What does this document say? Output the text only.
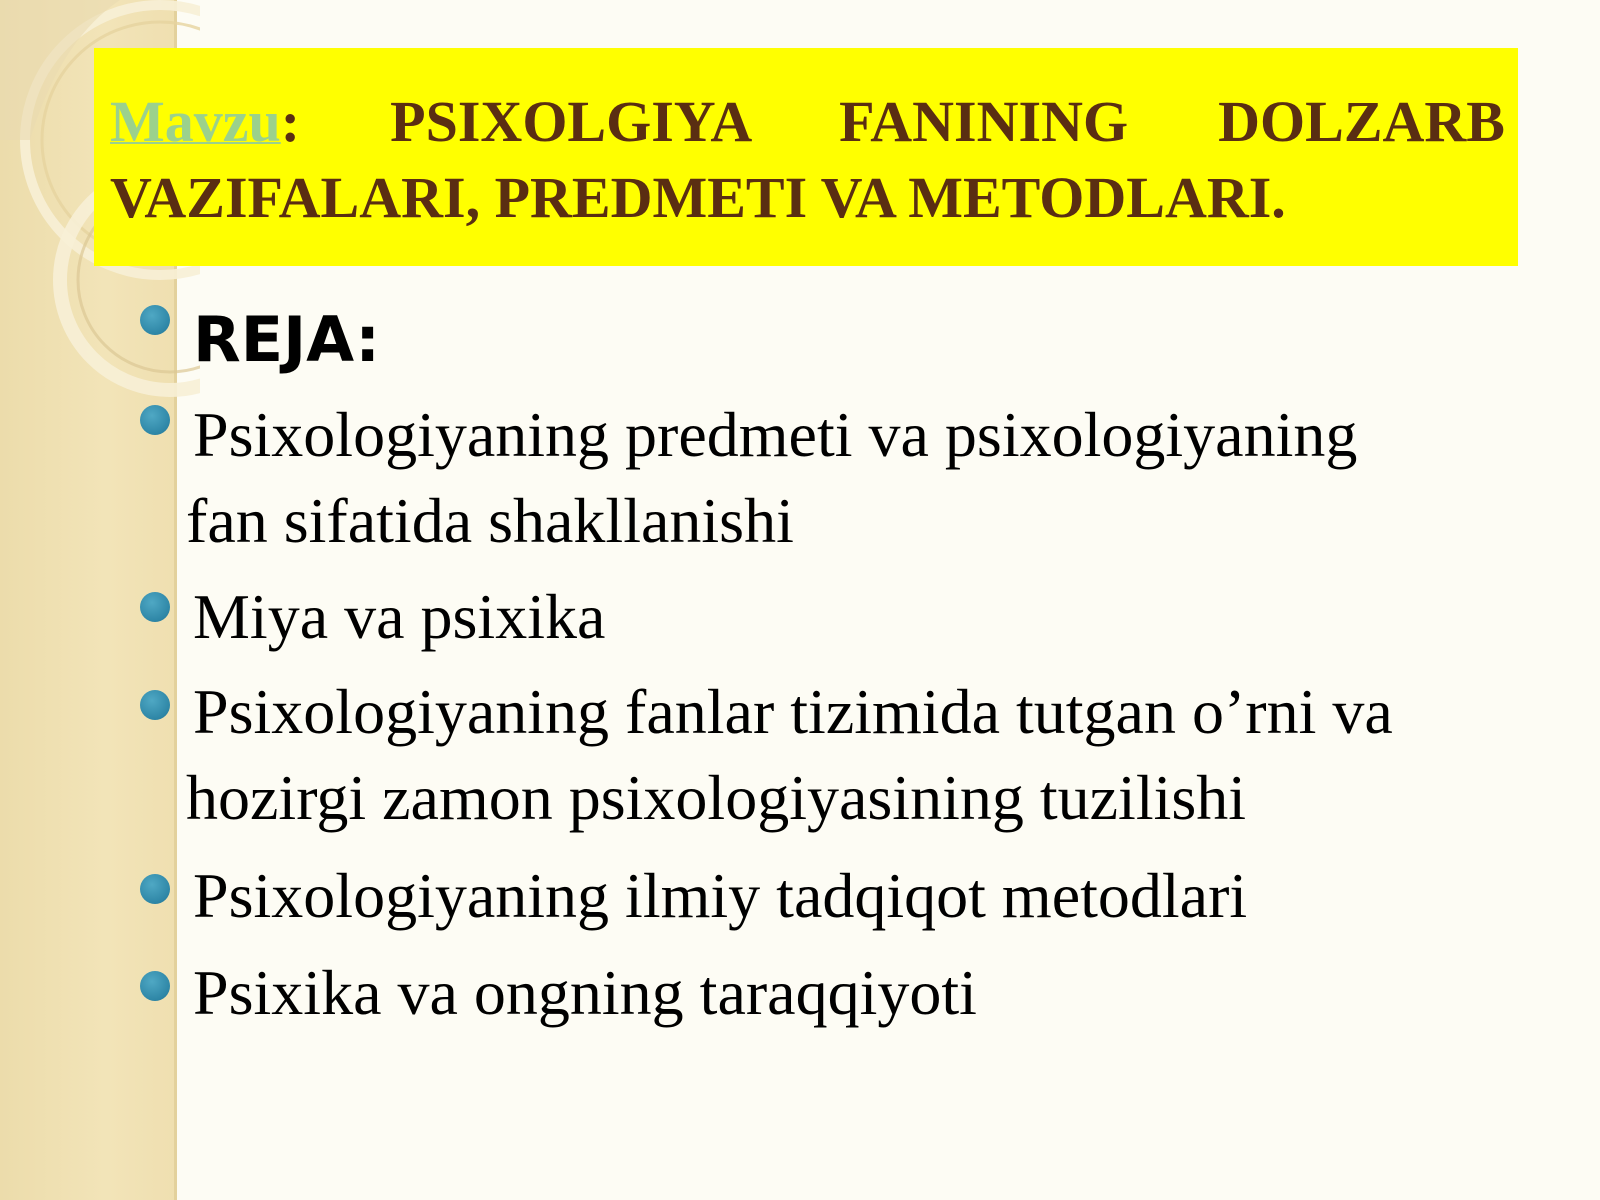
Mavzu: PSIXOLGIYA FANINING DOLZARB VAZIFALARI, PREDMETI VA METODLARI.
REJA:
Psixologiyaning predmeti va psixologiyaning
fan sifatida shakllanishi
Miya va psixika
Psixologiyaning fanlar tizimida tutgan o’rni va
hozirgi zamon psixologiyasining tuzilishi
Psixologiyaning ilmiy tadqiqot metodlari
Psixika va ongning taraqqiyoti
